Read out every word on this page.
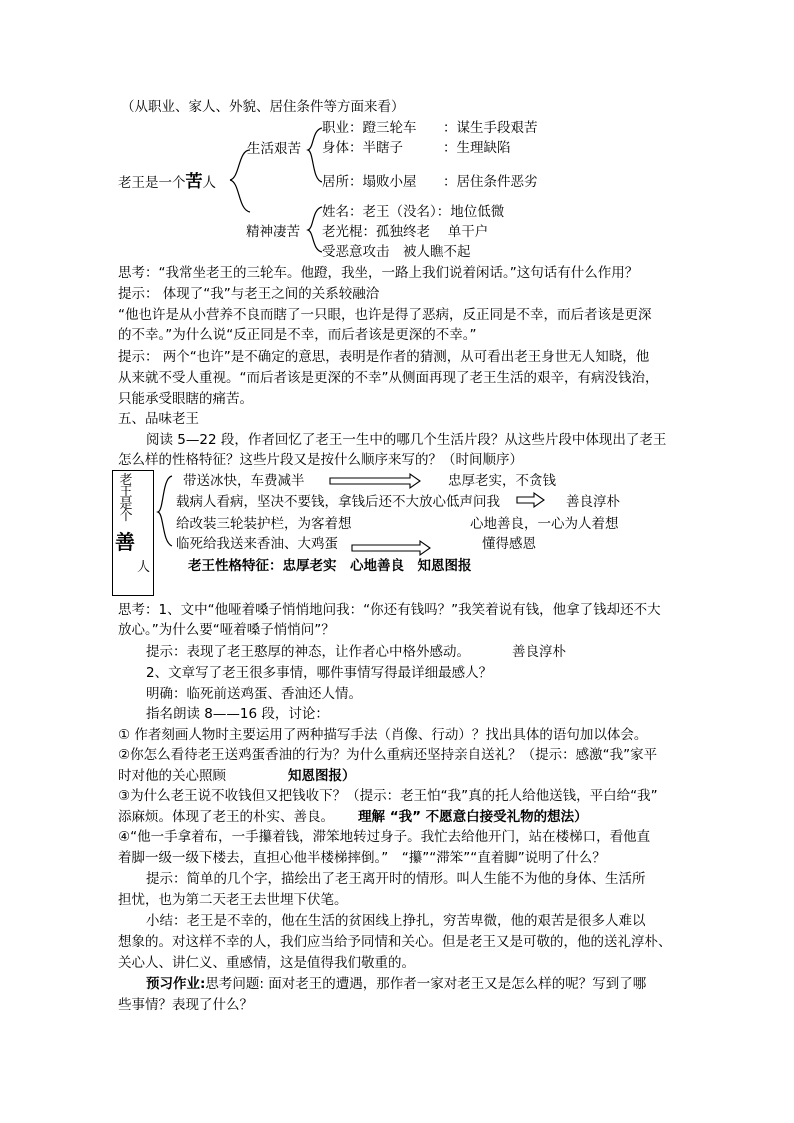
（从职业、家人、外貌、居住条件等方面来看）
老王是一个苦人
生活艰苦
精神凄苦
职业：蹬三轮车 ：谋生手段艰苦
身体：半瞎子	：生理缺陷
居所：塌败小屋 ：居住条件恶劣
姓名：老王（没名）：地位低微
老光棍：孤独终老　 单干户
受恶意攻击　被人瞧不起
思考：“我常坐老王的三轮车。他蹬，我坐，一路上我们说着闲话。”这句话有什么作用？
提示： 体现了“我”与老王之间的关系较融洽
“他也许是从小营养不良而瞎了一只眼，也许是得了恶病，反正同是不幸，而后者该是更深
的不幸。”为什么说“反正同是不幸，而后者该是更深的不幸。”
提示： 两个“也许”是不确定的意思，表明是作者的猜测，从可看出老王身世无人知晓，他
从来就不受人重视。“而后者该是更深的不幸”从侧面再现了老王生活的艰辛，有病没钱治，
只能承受眼瞎的痛苦。
五、品味老王
阅读 5—22 段，作者回忆了老王一生中的哪几个生活片段？从这些片段中体现出了老王
怎么样的性格特征？这些片段又是按什么顺序来写的？（时间顺序）
老王是个
善
人
带送冰快，车费减半	忠厚老实，不贪钱
载病人看病，坚决不要钱，拿钱后还不大放心低声问我	善良淳朴
给改装三轮装护栏，为客着想	心地善良，一心为人着想
临死给我送来香油、大鸡蛋	懂得感恩
老王性格特征：忠厚老实　心地善良　知恩图报
思考：1、文中“他哑着嗓子悄悄地问我：“你还有钱吗？”我笑着说有钱，他拿了钱却还不大
放心。”为什么要“哑着嗓子悄悄问”？
提示：表现了老王憨厚的神态，让作者心中格外感动。	善良淳朴
2、文章写了老王很多事情，哪件事情写得最详细最感人？
明确：临死前送鸡蛋、香油还人情。
指名朗读 8——16 段，讨论：
① 作者刻画人物时主要运用了两种描写手法（肖像、行动）？找出具体的语句加以体会。
②你怎么看待老王送鸡蛋香油的行为？为什么重病还坚持亲自送礼？（提示：感激“我”家平
时对他的关心照顾	知恩图报）
③为什么老王说不收钱但又把钱收下？（提示：老王怕“我”真的托人给他送钱，平白给“我”
添麻烦。体现了老王的朴实、善良。 理解 “我” 不愿意白接受礼物的想法）
④“他一手拿着布，一手攥着钱，滞笨地转过身子。我忙去给他开门，站在楼梯口，看他直
着脚一级一级下楼去，直担心他半楼梯摔倒。”　“攥”“滞笨”“直着脚”说明了什么？
提示：简单的几个字，描绘出了老王离开时的情形。叫人生能不为他的身体、生活所
担忧，也为第二天老王去世埋下伏笔。
小结：老王是不幸的，他在生活的贫困线上挣扎，穷苦卑微，他的艰苦是很多人难以
想象的。对这样不幸的人，我们应当给予同情和关心。但是老王又是可敬的，他的送礼淳朴、
关心人、讲仁义、重感情，这是值得我们敬重的。
预习作业:思考问题: 面对老王的遭遇，那作者一家对老王又是怎么样的呢？写到了哪
些事情？表现了什么？
